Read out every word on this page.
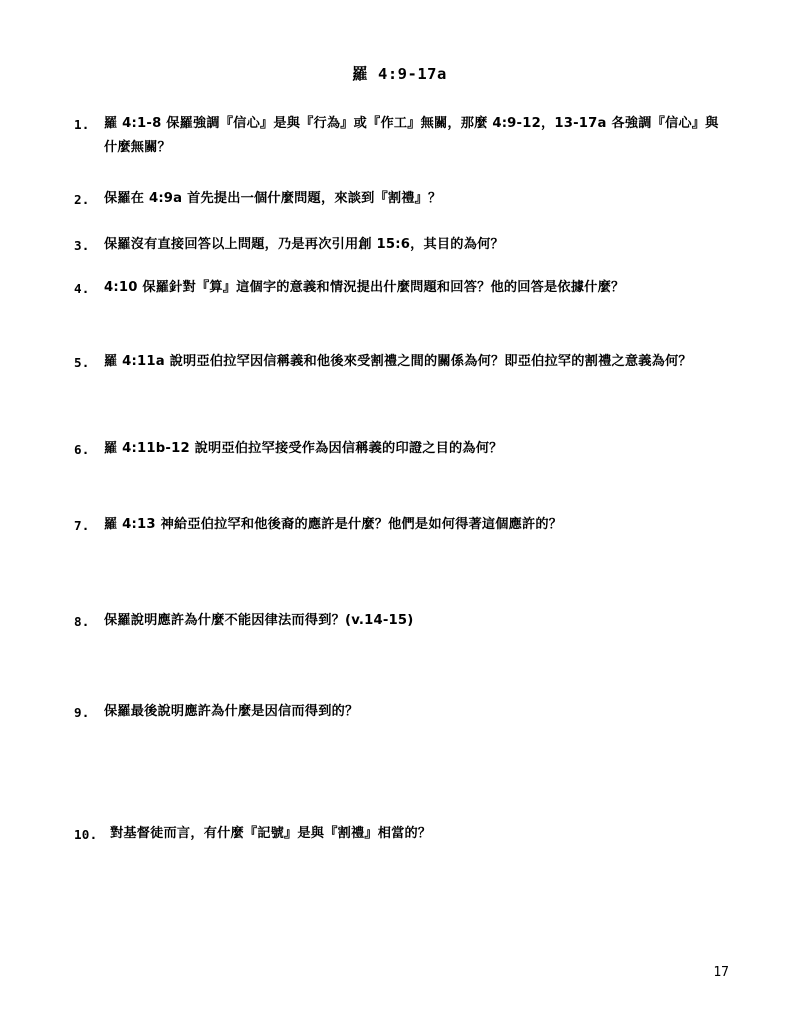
羅 4:9-17a
1.	羅 4:1-8 保羅強調『信心』是與『行為』或『作工』無關，那麼 4:9-12，13-17a 各強調『信心』與什麼無關？
2.	保羅在 4:9a 首先提出一個什麼問題，來談到『割禮』？
3.	保羅沒有直接回答以上問題，乃是再次引用創 15:6，其目的為何？
4.	4:10 保羅針對『算』這個字的意義和情況提出什麼問題和回答？他的回答是依據什麼？
5.	羅 4:11a 說明亞伯拉罕因信稱義和他後來受割禮之間的關係為何？即亞伯拉罕的割禮之意義為何？
6.	羅 4:11b-12 說明亞伯拉罕接受作為因信稱義的印證之目的為何？
7.	羅 4:13 神給亞伯拉罕和他後裔的應許是什麼？他們是如何得著這個應許的？
8.	保羅說明應許為什麼不能因律法而得到？(v.14-15)
9.	保羅最後說明應許為什麼是因信而得到的？
10. 對基督徒而言，有什麼『記號』是與『割禮』相當的？
17
